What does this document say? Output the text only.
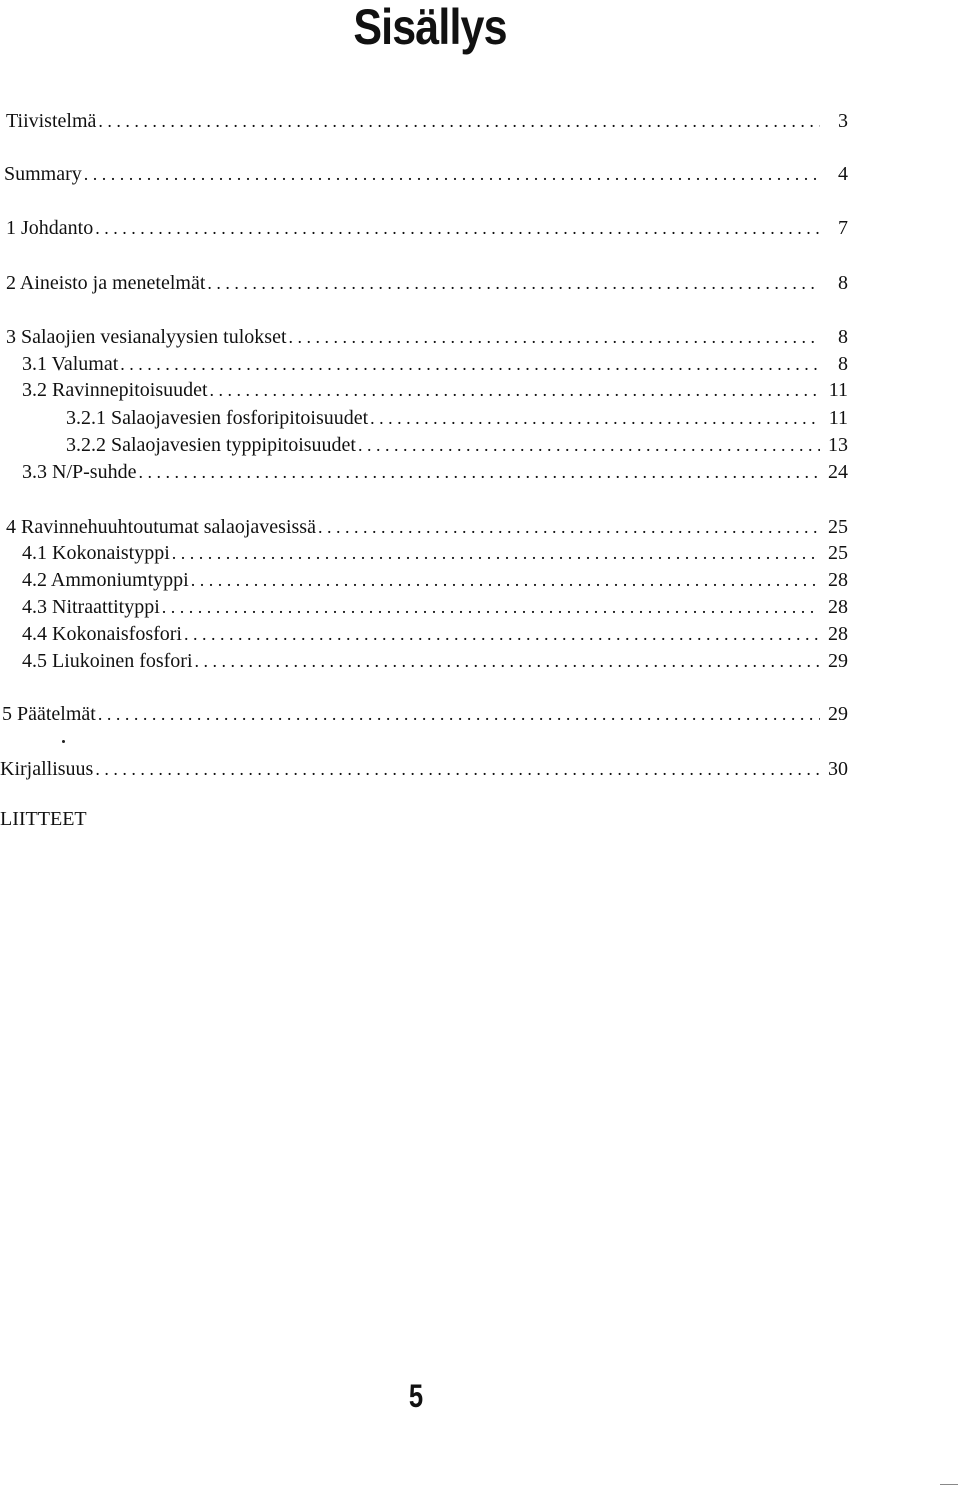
Sisällys
Tiivistelmä . . .	3
Summary . . .	4
1 Johdanto . . .	7
2 Aineisto ja menetelmät . . .	8
3 Salaojien vesianalyysien tulokset . . .	8
3.1 Valumat . . .	8
3.2 Ravinnepitoisuudet . . .	11
3.2.1 Salaojavesien fosforipitoisuudet . . .	11
3.2.2 Salaojavesien typpipitoisuudet . . .	13
3.3 N/P-suhde . . .	24
4 Ravinnehuuhtoutumat salaojavesissä . . .	25
4.1 Kokonaistyppi . . .	25
4.2 Ammoniumtyppi . . .	28
4.3 Nitraattityppi . . .	28
4.4 Kokonaisfosfori . . .	28
4.5 Liukoinen fosfori . . .	29
5 Päätelmät . . .	29
Kirjallisuus . . .	30
LIITTEET
5
